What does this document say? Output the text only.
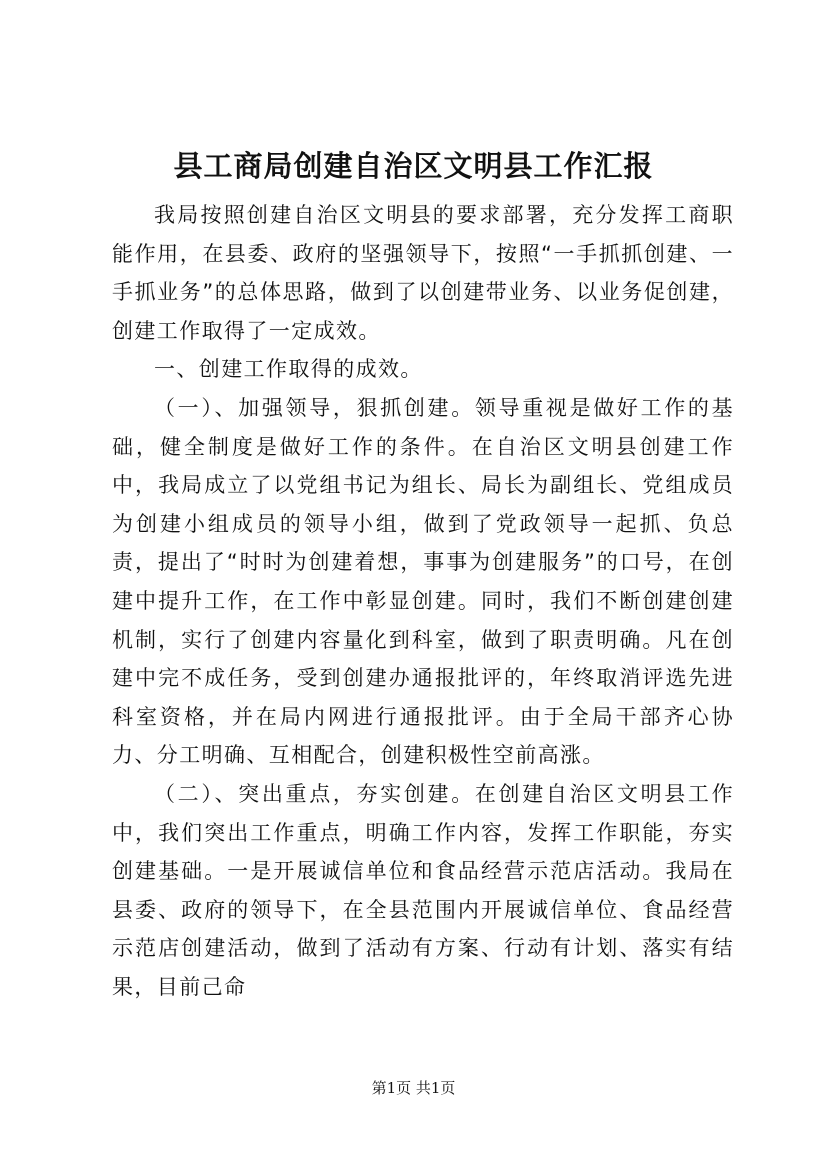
县工商局创建自治区文明县工作汇报

我局按照创建自治区文明县的要求部署，充分发挥工商职能作用，在县委、政府的坚强领导下，按照“一手抓抓创建、一手抓业务”的总体思路，做到了以创建带业务、以业务促创建，创建工作取得了一定成效。

一、创建工作取得的成效。

（一）、加强领导，狠抓创建。领导重视是做好工作的基础，健全制度是做好工作的条件。在自治区文明县创建工作中，我局成立了以党组书记为组长、局长为副组长、党组成员为创建小组成员的领导小组，做到了党政领导一起抓、负总责，提出了“时时为创建着想，事事为创建服务”的口号，在创建中提升工作，在工作中彰显创建。同时，我们不断创建创建机制，实行了创建内容量化到科室，做到了职责明确。凡在创建中完不成任务，受到创建办通报批评的，年终取消评选先进科室资格，并在局内网进行通报批评。由于全局干部齐心协力、分工明确、互相配合，创建积极性空前高涨。

（二）、突出重点，夯实创建。在创建自治区文明县工作中，我们突出工作重点，明确工作内容，发挥工作职能，夯实创建基础。一是开展诚信单位和食品经营示范店活动。我局在县委、政府的领导下，在全县范围内开展诚信单位、食品经营示范店创建活动，做到了活动有方案、行动有计划、落实有结果，目前己命

第1页 共1页
